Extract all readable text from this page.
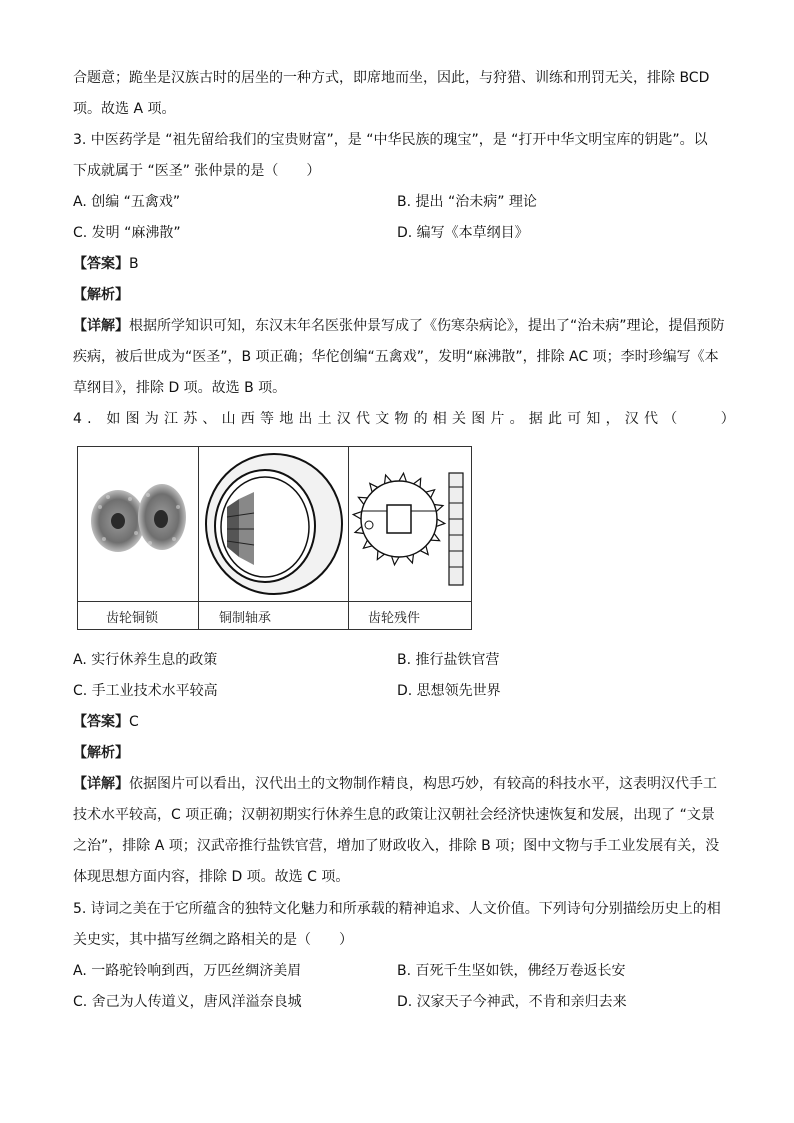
合题意；跪坐是汉族古时的居坐的一种方式，即席地而坐，因此，与狩猎、训练和刑罚无关，排除 BCD
项。故选 A 项。
3. 中医药学是 “祖先留给我们的宝贵财富”，是 “中华民族的瑰宝”，是 “打开中华文明宝库的钥匙”。以
下成就属于 “医圣” 张仲景的是（　　）
A. 创编 “五禽戏”	B. 提出 “治未病” 理论
C. 发明 “麻沸散”	D. 编写《本草纲目》
【答案】B
【解析】
【详解】根据所学知识可知，东汉末年名医张仲景写成了《伤寒杂病论》，提出了“治未病”理论，提倡预防
疾病，被后世成为“医圣”，B 项正确；华佗创编“五禽戏”，发明“麻沸散”，排除 AC 项；李时珍编写《本
草纲目》，排除 D 项。故选 B 项。
4. 如图为江苏、山西等地出土汉代文物的相关图片。据此可知，汉代（　　）
齿轮铜锁	铜制轴承	齿轮残件
A. 实行休养生息的政策	B. 推行盐铁官营
C. 手工业技术水平较高	D. 思想领先世界
【答案】C
【解析】
【详解】依据图片可以看出，汉代出土的文物制作精良，构思巧妙，有较高的科技水平，这表明汉代手工
技术水平较高，C 项正确；汉朝初期实行休养生息的政策让汉朝社会经济快速恢复和发展，出现了 “文景
之治”，排除 A 项；汉武帝推行盐铁官营，增加了财政收入，排除 B 项；图中文物与手工业发展有关，没
体现思想方面内容，排除 D 项。故选 C 项。
5. 诗词之美在于它所蕴含的独特文化魅力和所承载的精神追求、人文价值。下列诗句分别描绘历史上的相
关史实，其中描写丝绸之路相关的是（　　）
A. 一路驼铃响到西，万匹丝绸济美眉	B. 百死千生坚如铁，佛经万卷返长安
C. 舍己为人传道义，唐风洋溢奈良城	D. 汉家天子今神武，不肯和亲归去来
